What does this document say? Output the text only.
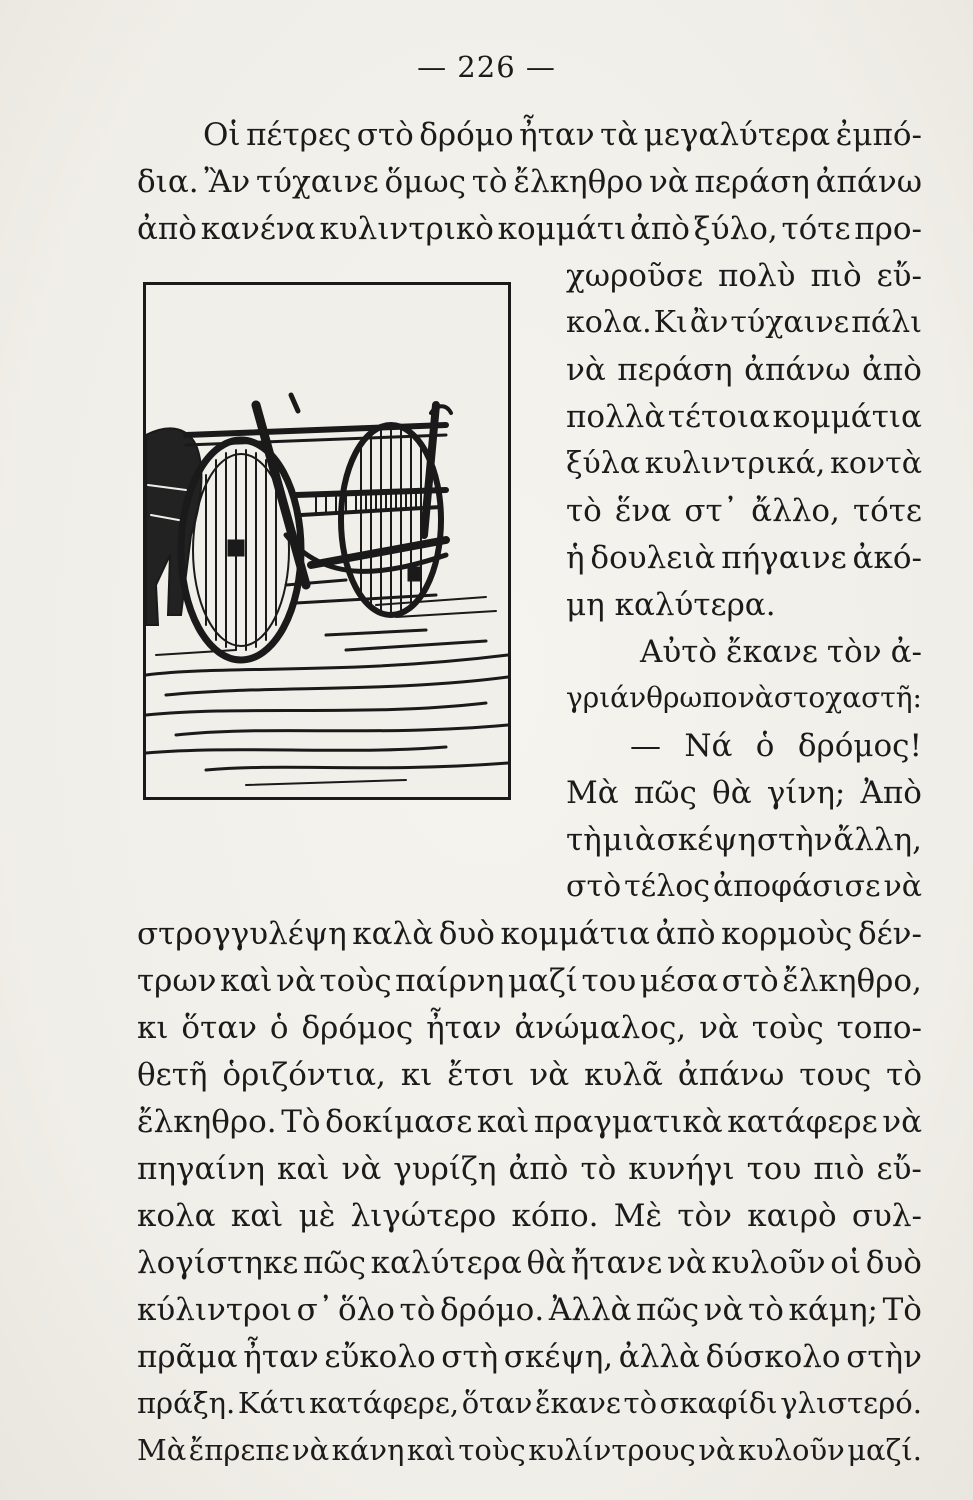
— 226 —
Οἱ πέτρες στὸ δρόμο ἦταν τὰ μεγαλύτερα ἐμπό-
δια. Ἂν τύχαινε ὅμως τὸ ἔλκηθρο νὰ περάση ἀπάνω
ἀπὸ κανένα κυλιντρικὸ κομμάτι ἀπὸ ξύλο, τότε προ-
χωροῦσε πολὺ πιὸ εὔ-
κολα. Κι ἂν τύχαινε πάλι
νὰ περάση ἀπάνω ἀπὸ
πολλὰ τέτοια κομμάτια
ξύλα κυλιντρικά, κοντὰ
τὸ ἕνα στ᾽ ἄλλο, τότε
ἡ δουλειὰ πήγαινε ἀκό-
μη καλύτερα.
Αὐτὸ ἔκανε τὸν ἀ-
γριάνθρωπο νὰ στοχαστῆ:
— Νά ὁ δρόμος!
Μὰ πῶς θὰ γίνη; Ἀπὸ
τὴ μιὰ σκέψη στὴν ἄλλη,
στὸ τέλος ἀποφάσισε νὰ
στρογγυλέψη καλὰ δυὸ κομμάτια ἀπὸ κορμοὺς δέν-
τρων καὶ νὰ τοὺς παίρνη μαζί του μέσα στὸ ἔλκηθρο,
κι ὅταν ὁ δρόμος ἦταν ἀνώμαλος, νὰ τοὺς τοπο-
θετῆ ὁριζόντια, κι ἔτσι νὰ κυλᾶ ἀπάνω τους τὸ
ἔλκηθρο. Τὸ δοκίμασε καὶ πραγματικὰ κατάφερε νὰ
πηγαίνη καὶ νὰ γυρίζη ἀπὸ τὸ κυνήγι του πιὸ εὔ-
κολα καὶ μὲ λιγώτερο κόπο. Μὲ τὸν καιρὸ συλ-
λογίστηκε πῶς καλύτερα θὰ ἤτανε νὰ κυλοῦν οἱ δυὸ
κύλιντροι σ᾽ ὅλο τὸ δρόμο. Ἀλλὰ πῶς νὰ τὸ κάμη; Τὸ
πρᾶμα ἦταν εὔκολο στὴ σκέψη, ἀλλὰ δύσκολο στὴν
πράξη. Κάτι κατάφερε, ὅταν ἔκανε τὸ σκαφίδι γλιστερό.
Μὰ ἔπρεπε νὰ κάνη καὶ τοὺς κυλίντρους νὰ κυλοῦν μαζί.
